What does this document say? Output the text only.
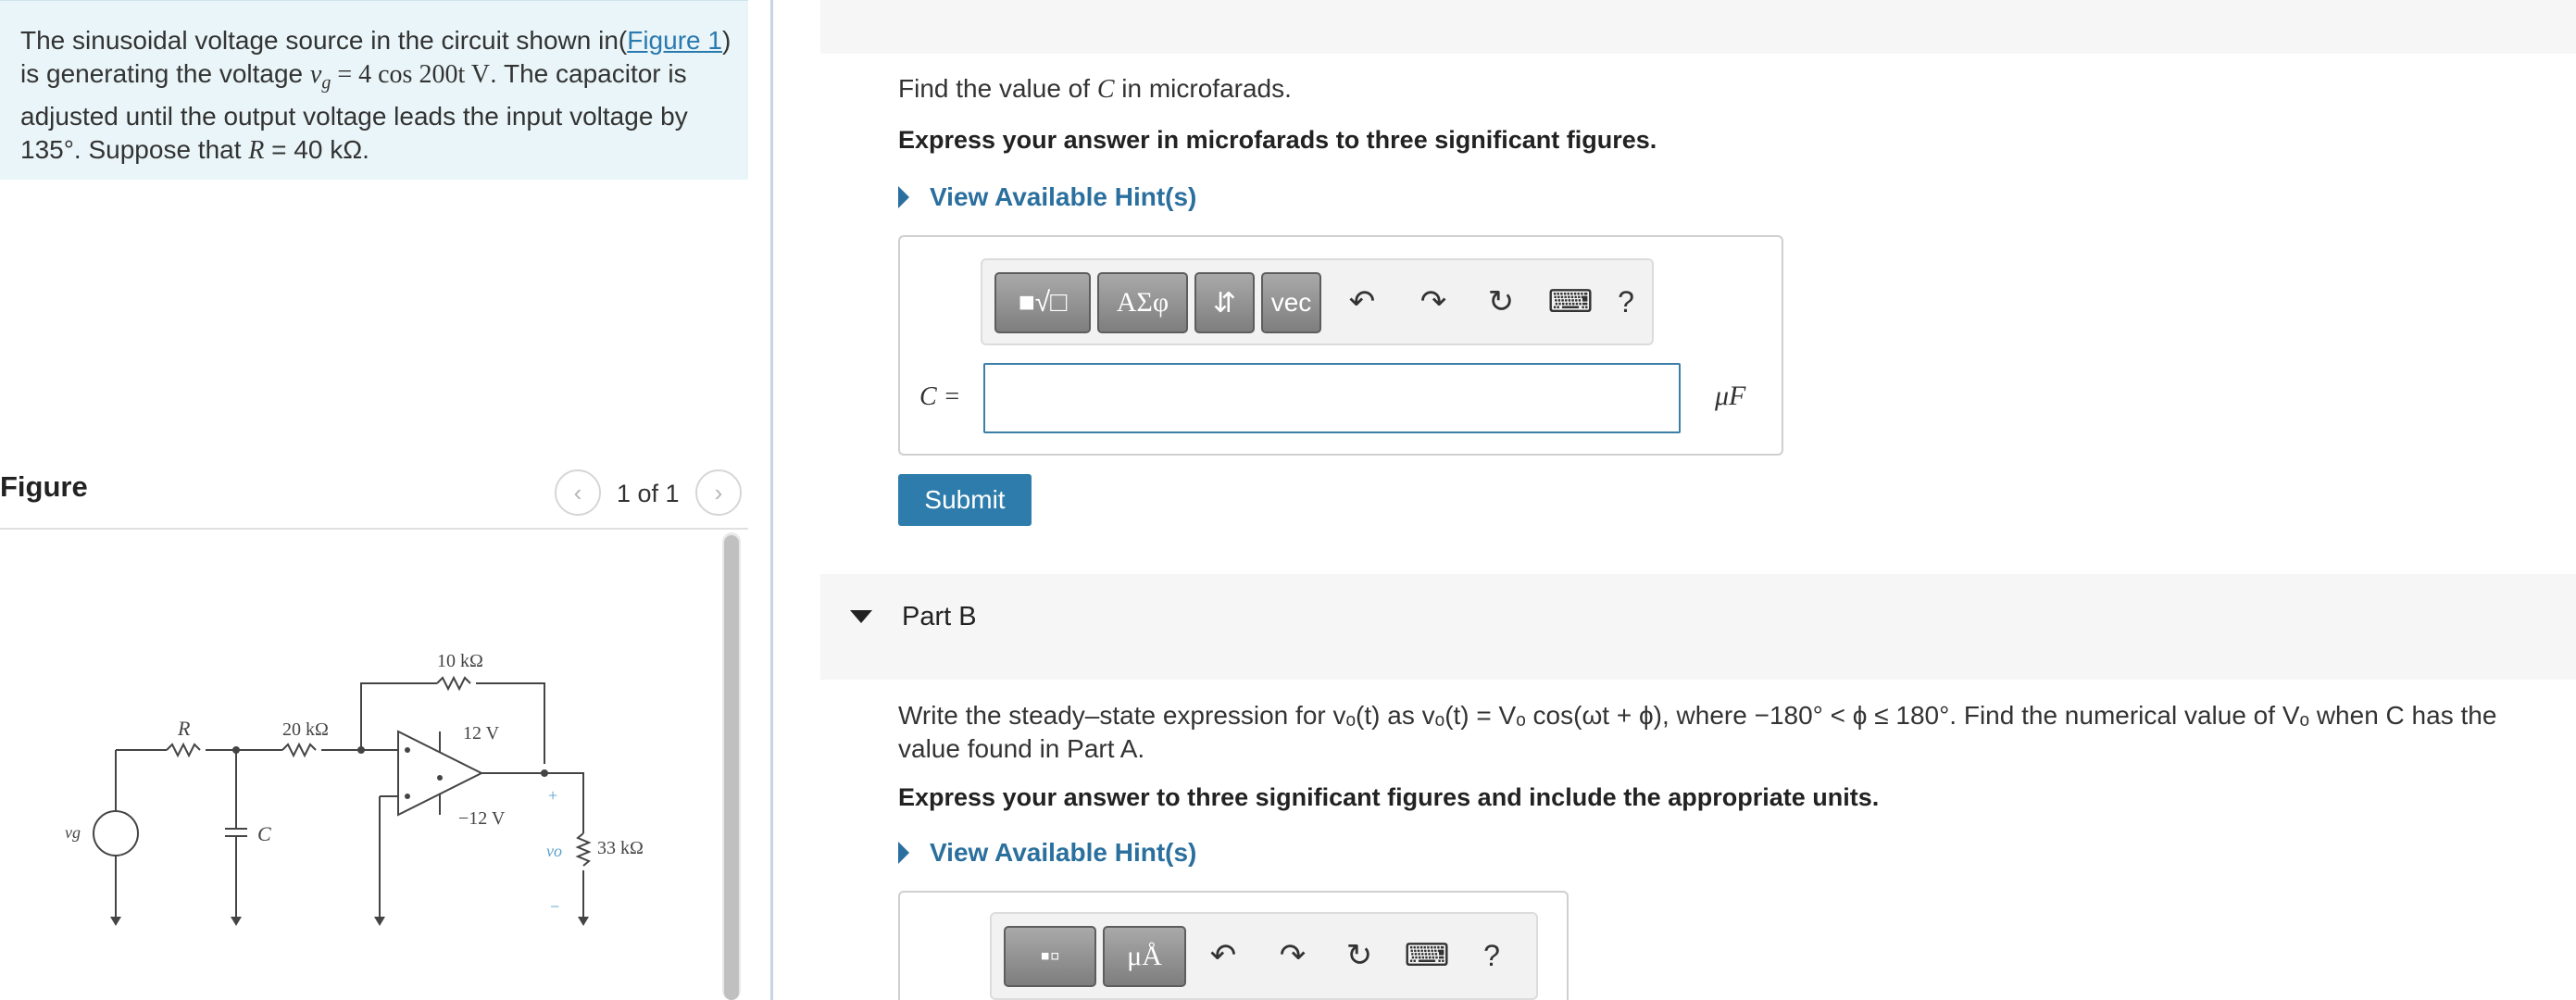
The sinusoidal voltage source in the circuit shown in(Figure 1) is generating the voltage $v_g = 4$ cos 200t V. The capacitor is adjusted until the output voltage leads the input voltage by 135°. Suppose that R = 40 kΩ.
Figure	‹ 1 of 1 ›
R	20 kΩ
10 kΩ
12 V
−12 V
C
vg
vo
+
−
33 kΩ
Find the value of C in microfarads.
Express your answer in microfarads to three significant figures.
View Available Hint(s)
■√□ ΑΣφ ⇵ vec ↶ ↷ ↻ ⌨ ?
C =	μF
Submit
Part B
Write the steady–state expression for vₒ(t) as vₒ(t) = Vₒ cos(ωt + ϕ), where −180° < ϕ ≤ 180°. Find the numerical value of Vₒ when C has the value found in Part A.
Express your answer to three significant figures and include the appropriate units.
View Available Hint(s)
▪▫ μÅ ↶ ↷ ↻ ⌨ ?
